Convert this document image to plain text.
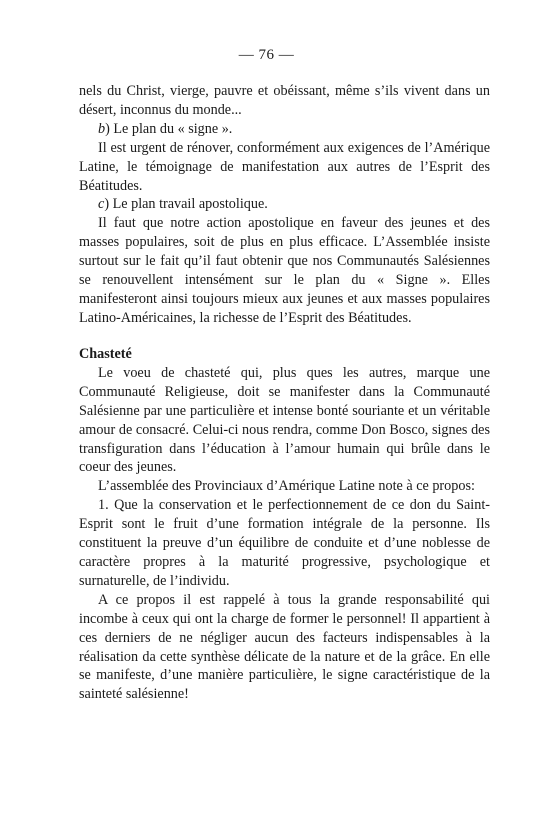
— 76 —

nels du Christ, vierge, pauvre et obéissant, même s’ils vivent dans un désert, inconnus du monde...

b) Le plan du « signe ».

Il est urgent de rénover, conformément aux exigences de l’Amérique Latine, le témoignage de manifestation aux autres de l’Esprit des Béatitudes.

c) Le plan travail apostolique.

Il faut que notre action apostolique en faveur des jeunes et des masses populaires, soit de plus en plus efficace. L’Assemblée insiste surtout sur le fait qu’il faut obtenir que nos Communautés Salésiennes se renouvellent intensément sur le plan du « Signe ». Elles manifesteront ainsi toujours mieux aux jeunes et aux masses populaires Latino-Américaines, la richesse de l’Esprit des Béatitudes.

Chasteté

Le voeu de chasteté qui, plus ques les autres, marque une Communauté Religieuse, doit se manifester dans la Communauté Salésienne par une particulière et intense bonté souriante et un véritable amour de consacré. Celui-ci nous rendra, comme Don Bosco, signes des transfiguration dans l’éducation à l’amour humain qui brûle dans le coeur des jeunes.

L’assemblée des Provinciaux d’Amérique Latine note à ce propos:

1. Que la conservation et le perfectionnement de ce don du Saint-Esprit sont le fruit d’une formation intégrale de la personne. Ils constituent la preuve d’un équilibre de conduite et d’une noblesse de caractère propres à la maturité progressive, psychologique et surnaturelle, de l’individu.

A ce propos il est rappelé à tous la grande responsabilité qui incombe à ceux qui ont la charge de former le personnel! Il appartient à ces derniers de ne négliger aucun des facteurs indispensables à la réalisation da cette synthèse délicate de la nature et de la grâce. En elle se manifeste, d’une manière particulière, le signe caractéristique de la sainteté salésienne!
